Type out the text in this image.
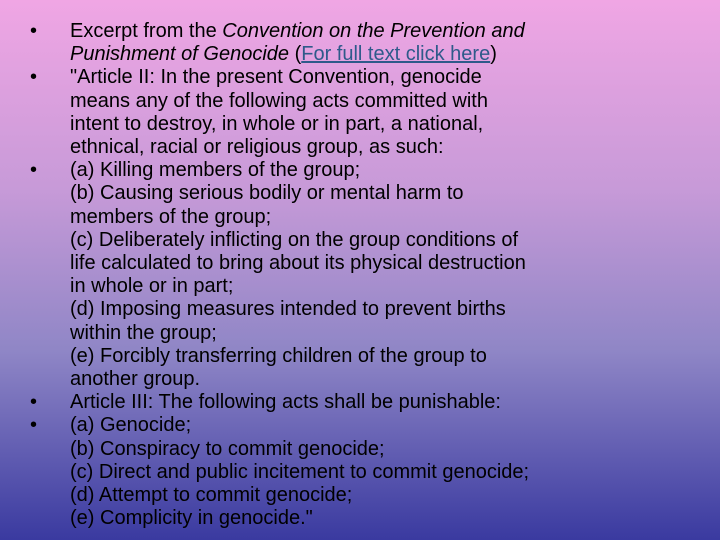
• Excerpt from the Convention on the Prevention and
Punishment of Genocide (For full text click here)
• "Article II: In the present Convention, genocide
means any of the following acts committed with
intent to destroy, in whole or in part, a national,
ethnical, racial or religious group, as such:
• (a) Killing members of the group;
(b) Causing serious bodily or mental harm to
members of the group;
(c) Deliberately inflicting on the group conditions of
life calculated to bring about its physical destruction
in whole or in part;
(d) Imposing measures intended to prevent births
within the group;
(e) Forcibly transferring children of the group to
another group.
• Article III: The following acts shall be punishable:
• (a) Genocide;
(b) Conspiracy to commit genocide;
(c) Direct and public incitement to commit genocide;
(d) Attempt to commit genocide;
(e) Complicity in genocide."
